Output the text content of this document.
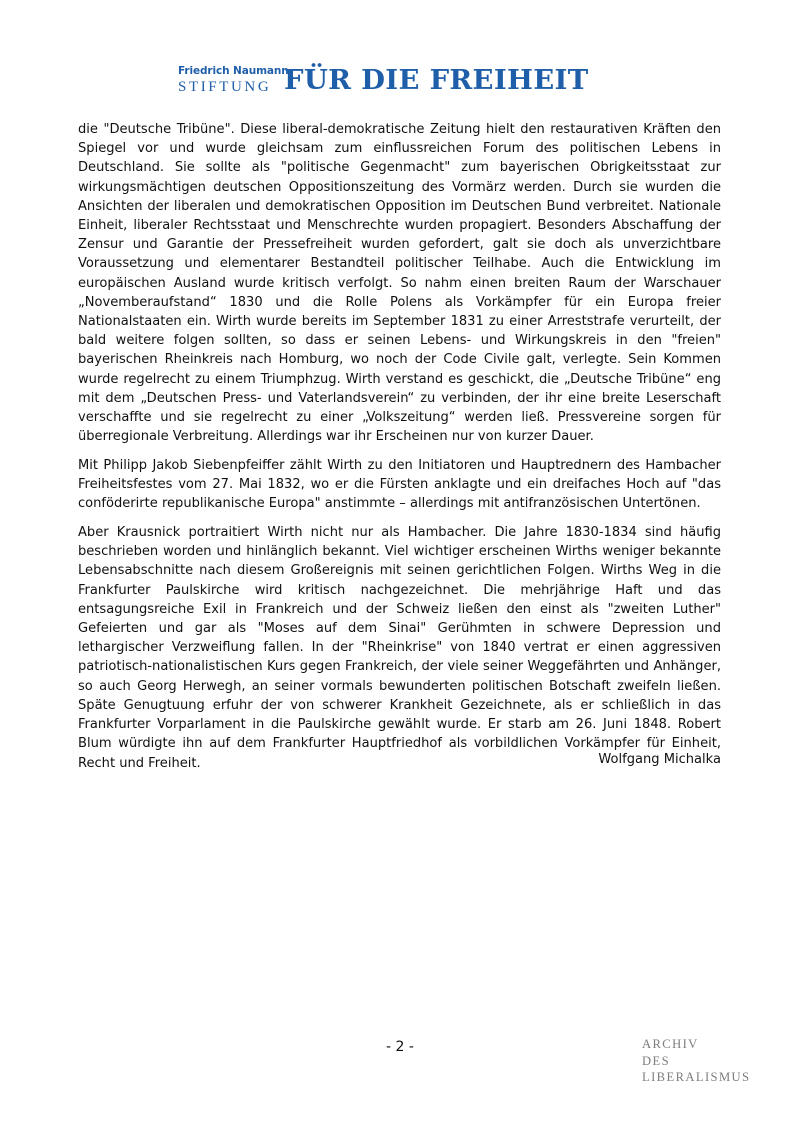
Friedrich Naumann
STIFTUNG FÜR DIE FREIHEIT

die "Deutsche Tribüne". Diese liberal-demokratische Zeitung hielt den restaurativen Kräften den Spiegel vor und wurde gleichsam zum einflussreichen Forum des politischen Lebens in Deutschland. Sie sollte als "politische Gegenmacht" zum bayerischen Obrigkeitsstaat zur wirkungsmächtigen deutschen Oppositionszeitung des Vormärz werden. Durch sie wurden die Ansichten der liberalen und demokratischen Opposition im Deutschen Bund verbreitet. Nationale Einheit, liberaler Rechtsstaat und Menschrechte wurden propagiert. Besonders Abschaffung der Zensur und Garantie der Pressefreiheit wurden gefordert, galt sie doch als unverzichtbare Voraussetzung und elementarer Bestandteil politischer Teilhabe. Auch die Entwicklung im europäischen Ausland wurde kritisch verfolgt. So nahm einen breiten Raum der Warschauer „Novemberaufstand“ 1830 und die Rolle Polens als Vorkämpfer für ein Europa freier Nationalstaaten ein. Wirth wurde bereits im September 1831 zu einer Arreststrafe verurteilt, der bald weitere folgen sollten, so dass er seinen Lebens- und Wirkungskreis in den "freien" bayerischen Rheinkreis nach Homburg, wo noch der Code Civile galt, verlegte. Sein Kommen wurde regelrecht zu einem Triumphzug. Wirth verstand es geschickt, die „Deutsche Tribüne“ eng mit dem „Deutschen Press- und Vaterlandsverein“ zu verbinden, der ihr eine breite Leserschaft verschaffte und sie regelrecht zu einer „Volkszeitung“ werden ließ. Pressvereine sorgen für überregionale Verbreitung. Allerdings war ihr Erscheinen nur von kurzer Dauer.

Mit Philipp Jakob Siebenpfeiffer zählt Wirth zu den Initiatoren und Hauptrednern des Hambacher Freiheitsfestes vom 27. Mai 1832, wo er die Fürsten anklagte und ein dreifaches Hoch auf "das conföderirte republikanische Europa" anstimmte – allerdings mit antifranzösischen Untertönen.

Aber Krausnick portraitiert Wirth nicht nur als Hambacher. Die Jahre 1830-1834 sind häufig beschrieben worden und hinlänglich bekannt. Viel wichtiger erscheinen Wirths weniger bekannte Lebensabschnitte nach diesem Großereignis mit seinen gerichtlichen Folgen. Wirths Weg in die Frankfurter Paulskirche wird kritisch nachgezeichnet. Die mehrjährige Haft und das entsagungsreiche Exil in Frankreich und der Schweiz ließen den einst als "zweiten Luther" Gefeierten und gar als "Moses auf dem Sinai" Gerühmten in schwere Depression und lethargischer Verzweiflung fallen. In der "Rheinkrise" von 1840 vertrat er einen aggressiven patriotisch-nationalistischen Kurs gegen Frankreich, der viele seiner Weggefährten und Anhänger, so auch Georg Herwegh, an seiner vormals bewunderten politischen Botschaft zweifeln ließen. Späte Genugtuung erfuhr der von schwerer Krankheit Gezeichnete, als er schließlich in das Frankfurter Vorparlament in die Paulskirche gewählt wurde. Er starb am 26. Juni 1848. Robert Blum würdigte ihn auf dem Frankfurter Hauptfriedhof als vorbildlichen Vorkämpfer für Einheit, Recht und Freiheit.	Wolfgang Michalka
- 2 -	ARCHIV
DES
LIBERALISMUS
